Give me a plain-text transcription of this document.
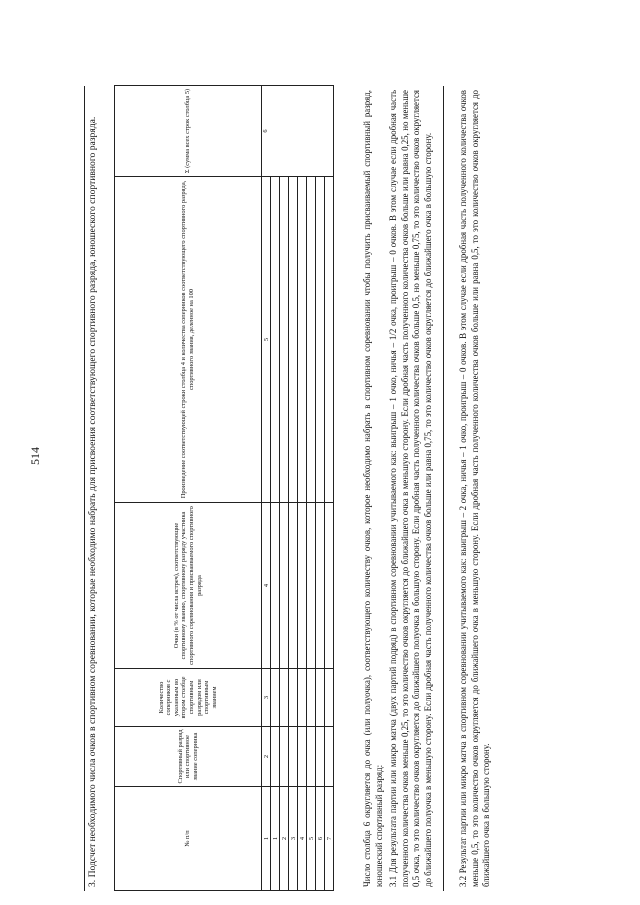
514	3. Подсчет необходимого числа очков в спортивном соревновании, которые необходимо набрать для присвоения соответствующего спортивного разряда, юношеского спортивного разряда.	№ п/п	Спортивный разряд или спортивное звание соперника	Количество соперников с указанным во втором столбце спортивным разрядом или спортивным званием	Очки (в % от числа встреч), соответствующие спортивному званию, спортивному разряду участника спортивного соревнования и присваиваемого спортивного разряда	Произведение соответствующей строки столбца 4 и количества соперников соответствующего спортивного разряда, спортивного звания, деленное на 100	Σ (сумма всех строк столбца 5)
1	2	3	4	5	6
1					
2					
3					
4					
5					
6					
7						Число столбца 6 округляется до очка (или полуочка), соответствующего количеству очков, которое необходимо набрать в спортивном соревновании чтобы получить присваиваемый спортивный разряд, юношеский спортивный разряд: 3.1 Для результата партии или микро матча (двух партий подряд) в спортивном соревновании учитываемого как: выигрыш – 1 очко, ничья – 1/2 очка, проигрыш – 0 очков. В этом случае если дробная часть полученного количества очков меньше 0,25, то это количество очков округляется до ближайшего очка в меньшую сторону. Если дробная часть полученного количества очков больше или равна 0,25, но меньше 0,5 очка, то это количество очков округляется до ближайшего полуочка в большую сторону. Если дробная часть полученного количества очков больше 0,5, но меньше 0,75, то это количество очков округляется до ближайшего полуочка в меньшую сторону. Если дробная часть полученного количества очков больше или равна 0,75, то это количество очков округляется до ближайшего очка в большую сторону.	3.2 Результат партии или микро матча в спортивном соревновании учитываемого как: выигрыш – 2 очка, ничья – 1 очко, проигрыш – 0 очков. В этом случае если дробная часть полученного количества очков меньше 0,5, то это количество очков округляется до ближайшего очка в меньшую сторону. Если дробная часть полученного количества очков больше или равна 0,5, то это количество очков округляется до ближайшего очка в большую сторону.
